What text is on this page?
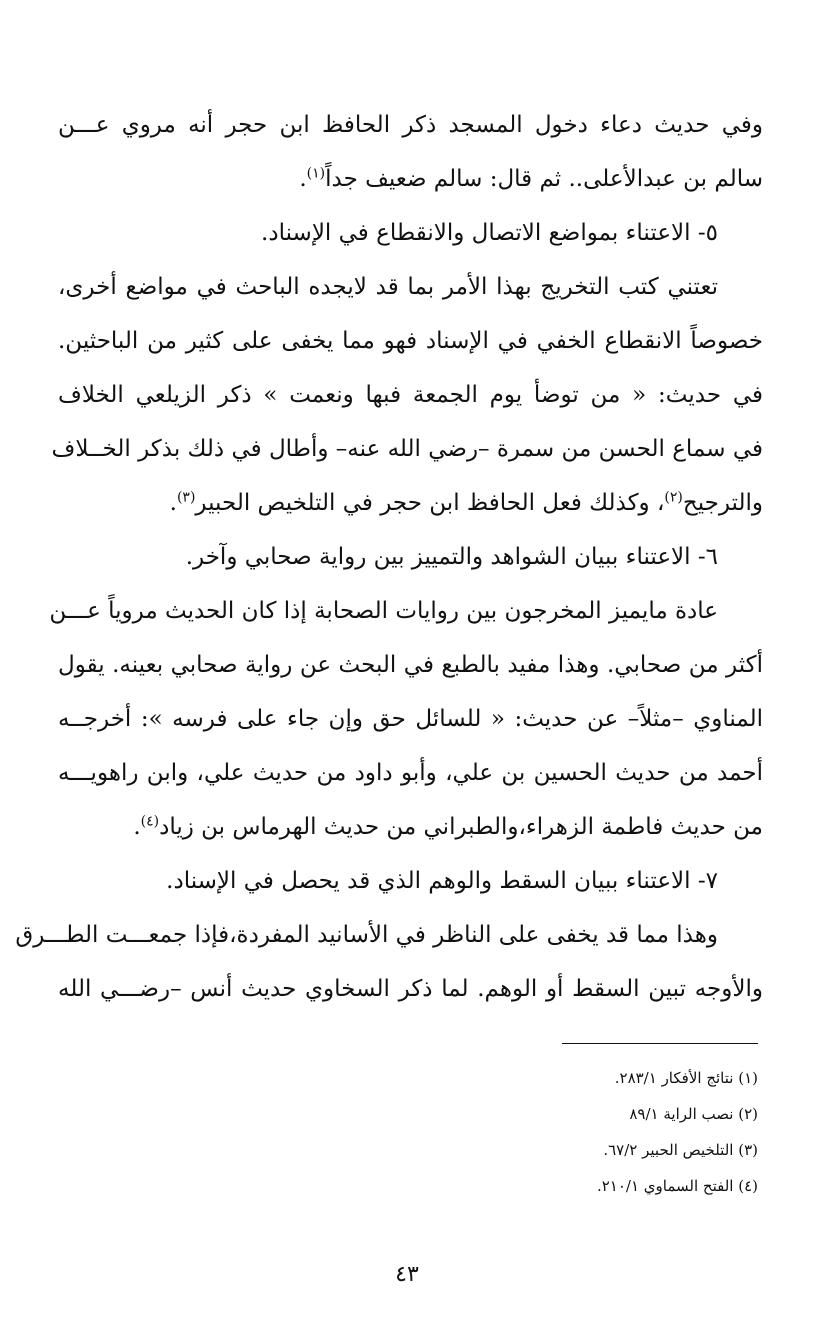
وفي حديث دعاء دخول المسجد ذكر الحافظ ابن حجر أنه مروي عـــن
سالم بن عبدالأعلى.. ثم قال: سالم ضعيف جداً$^{(١)}$.
٥- الاعتناء بمواضع الاتصال والانقطاع في الإسناد.
تعتني كتب التخريج بهذا الأمر بما قد لايجده الباحث في مواضع أخرى،
خصوصاً الانقطاع الخفي في الإسناد فهو مما يخفى على كثير من الباحثين.
في حديث: « من توضأ يوم الجمعة فبها ونعمت » ذكر الزيلعي الخلاف
في سماع الحسن من سمرة –رضي الله عنه– وأطال في ذلك بذكر الخــلاف
والترجيح$^{(٢)}$، وكذلك فعل الحافظ ابن حجر في التلخيص الحبير$^{(٣)}$.
٦- الاعتناء ببيان الشواهد والتمييز بين رواية صحابي وآخر.
عادة مايميز المخرجون بين روايات الصحابة إذا كان الحديث مروياً عـــن
أكثر من صحابي. وهذا مفيد بالطبع في البحث عن رواية صحابي بعينه. يقول
المناوي –مثلاً– عن حديث: « للسائل حق وإن جاء على فرسه »: أخرجــه
أحمد من حديث الحسين بن علي، وأبو داود من حديث علي، وابن راهويـــه
من حديث فاطمة الزهراء،والطبراني من حديث الهرماس بن زياد$^{(٤)}$.
٧- الاعتناء ببيان السقط والوهم الذي قد يحصل في الإسناد.
وهذا مما قد يخفى على الناظر في الأسانيد المفردة،فإذا جمعـــت الطـــرق
والأوجه تبين السقط أو الوهم. لما ذكر السخاوي حديث أنس –رضـــي الله
(١) نتائج الأفكار ٢٨٣/١.
(٢) نصب الراية ٨٩/١
(٣) التلخيص الحبير ٦٧/٢.
(٤) الفتح السماوي ٢١٠/١.
٤٣
